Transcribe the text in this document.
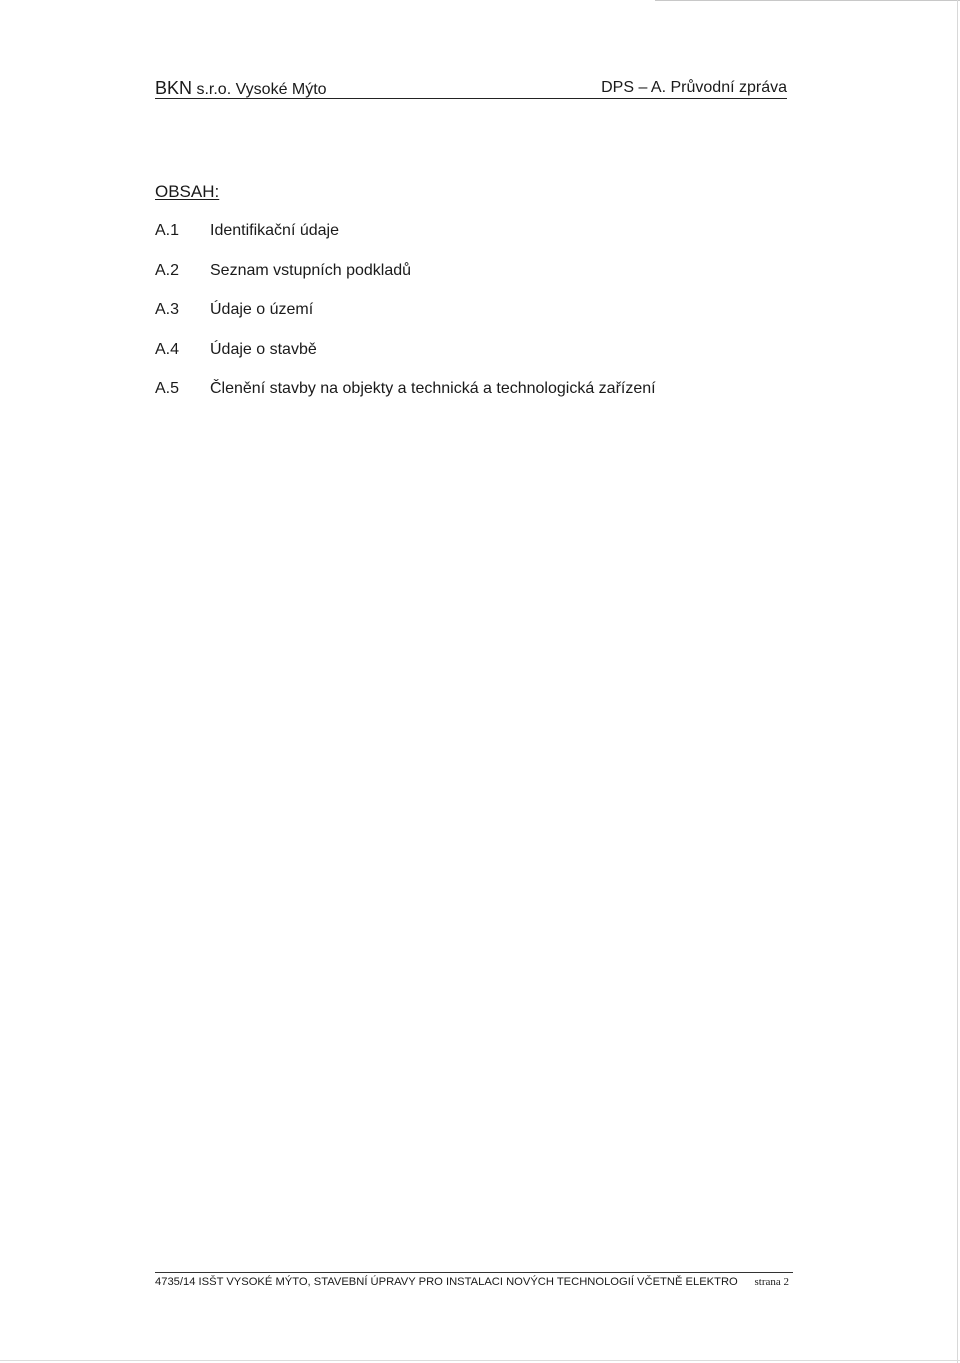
BKN s.r.o. Vysoké Mýto	DPS – A. Průvodní zpráva
OBSAH:
A.1	Identifikační údaje
A.2	Seznam vstupních podkladů
A.3	Údaje o území
A.4	Údaje o stavbě
A.5	Členění stavby na objekty a technická a technologická zařízení
4735/14 ISŠT VYSOKÉ MÝTO, STAVEBNÍ ÚPRAVY PRO INSTALACI NOVÝCH TECHNOLOGIÍ VČETNĚ ELEKTRO strana 2
